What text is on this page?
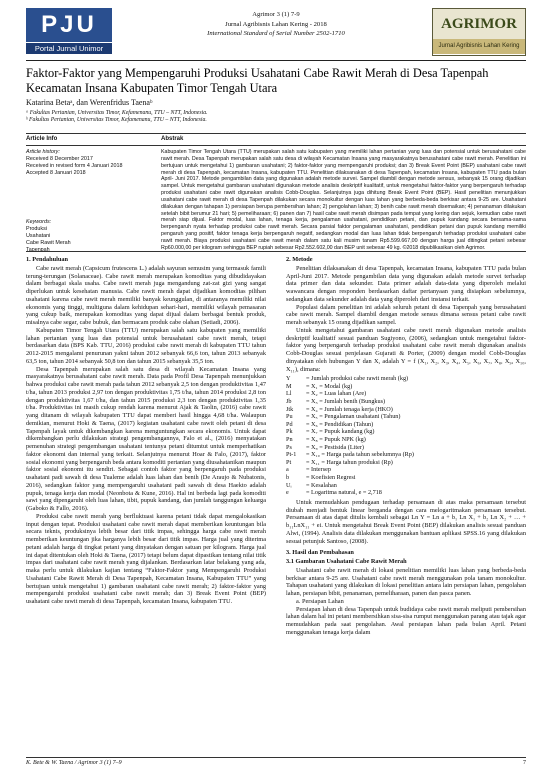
PJU
Portal Jurnal Unimor
Agrimor 3 (1) 7-9
Jurnal Agribisnis Lahan Kering - 2018
International Standard of Serial Number 2502-1710
AGRIMOR
Jurnal Agribisnis Lahan Kering
Faktor-Faktor yang Mempengaruhi Produksi Usahatani Cabe Rawit Merah di Desa Tapenpah Kecamatan Insana Kabupaten Timor Tengah Utara
Katarina Betaᵃ, dan Werenfridus Taenaᵇ
ᵃ Fakultas Pertanian, Universitas Timor, Kefamenanu, TTU – NTT, Indonesia.
ᵇ Fakultas Pertanian, Universitas Timor, Kefamenanu, TTU – NTT, Indonesia.
Article Info	Abstrak
Article history:
Received 8 December 2017
Received in revised form 4 Januari 2018
Accepted 8 Januari 2018
Keywords:
Produksi
Usahatani
Cabe Rawit Merah
Tapenpah
Kabupaten Timor Tengah Utara (TTU) merupakan salah satu kabupaten yang memiliki lahan pertanian yang luas dan potensial untuk berusahatani cabe rawit merah. Desa Tapenpah merupakan salah satu desa di wilayah Kecamatan Insana yang masyarakatnya berusahatani cabe rawit merah. Penelitian ini bertujuan untuk mengetahui 1) gambaran usahatani; 2) faktor-faktor yang mempengaruhi produksi; dan 3) Break Event Point (BEP) usahatani cabe rawit merah di desa Tapenpah, kecamatan Insana, kabupaten TTU. Penelitian dilaksanakan di desa Tapenpah, kecamatan Insana, kabupaten TTU pada bulan April- Juni 2017. Metode pengambilan data yang digunakan adalah metode survei. Sampel diambil dengan metode sensus, sebanyak 15 orang dijadikan sampel. Untuk mengetahui gambaran usahatani digunakan metode analisis deskriptif kualitatif, untuk mengetahui faktor-faktor yang berpengaruh terhadap produksi usahatani cabe rawit digunakan analisis Cobb-Douglas. Selanjutnya juga dihitung Break Event Point (BEP). Hasil penelitian menunjukkan usahatani cabe rawit merah di desa Tapenpah dilakukan secara monokultur dengan luas lahan yang berbeda-beda berkisar antara 9-25 are. Usahatani dilakukan dengan tahapan 1) persiapan berupa pembersihan lahan; 2) pengolahan lahan; 3) benih cabe rawit merah disemaikan; 4) penanaman dilakukan setelah bibit berumur 21 hari; 5) pemeliharaan; 6) panen dan 7) hasil cabe rawit merah disimpan pada tempat yang kering dan sejuk, kemudian cabe rawit merah siap dijual. Faktor modal, luas lahan, tenaga kerja, pengalaman usahatani, pendidikan petani, dan pupuk kandang secara bersama-sama berpengaruh nyata terhadap produksi cabe rawit merah. Secara parsial faktor pengalaman usahatani, pendidikan petani dan pupuk kandang memiliki pengaruh yang positif, faktor tenaga kerja berpengaruh negatif, sedangkan modal dan luas lahan tidak berpengaruh terhadap produksi usahatani cabe rawit merah. Biaya produksi usahatani cabe rawit merah dalam satu kali musim tanam Rp5.599.667,00 dengan harga jual ditingkat petani sebesar Rp60.000,00 per kilogram sehingga BEP rupiah sebesar Rp2.552.602,00 dan BEP unit sebesar 49 kg. ©2018 dipublikasikan oleh Agrimor.
1. Pendahuluan

Cabe rawit merah (Capsicum frutescens L.) adalah sayuran semusim yang termasuk famili terung-terungan (Solanaceae). Cabe rawit merah merupakan komoditas yang dibudidayakan dalam berbagai skala usaha. Cabe rawit merah juga mengandung zat-zat gizi yang sangat diperlukan untuk kesehatan manusia. Cabe rawit merah dapat dijadikan komoditas pilihan usahatani karena cabe rawit merah memiliki banyak keunggulan, di antaranya memiliki nilai ekonomis yang tinggi, multiguna dalam kehidupan sehari-hari, memiliki wilayah pemasaran yang cukup baik, merupakan komoditas yang dapat dijual dalam berbagai bentuk produk, misalnya cabe segar, cabe bubuk, dan bermacam produk cabe olahan (Setiadi, 2006).

Kabupaten Timor Tengah Utara (TTU) merupakan salah satu kabupaten yang memiliki lahan pertanian yang luas dan potensial untuk berusahatani cabe rawit merah, tetapi berdasarkan data (BPS Kab. TTU, 2016) produksi cabe rawit merah di kabupaten TTU tahun 2012-2015 mengalami penurunan yakni tahun 2012 sebanyak 66,6 ton, tahun 2013 sebanyak 63,5 ton, tahun 2014 sebanyak 50,8 ton dan tahun 2015 sebanyak 35,5 ton.

Desa Tapenpah merupakan salah satu desa di wilayah Kecamatan Insana yang masyarakatnya berusahatani cabe rawit merah. Data pada Profil Desa Tapenpah menunjukkan bahwa produksi cabe rawit merah pada tahun 2012 sebanyak 2,5 ton dengan produktivitas 1,47 t/ha, tahun 2013 produksi 2,97 ton dengan produktivitas 1,75 t/ha, tahun 2014 produksi 2,8 ton dengan produktivitas 1,67 t/ha, dan tahun 2015 produksi 2,3 ton dengan produktivitas 1,35 t/ha. Produktivitas ini masih cukup rendah karena menurut Ajak & Taolin, (2016) cabe rawit yang ditanam di wilayah kabupaten TTU dapat memberi hasil hingga 4,68 t/ha. Walaupun demikian, menurut Hoki & Taena, (2017) kegiatan usahatani cabe rawit oleh petani di desa Tapenpah layak untuk dikembangkan karena menguntungkan secara ekonomis. Untuk dapat dikembangkan perlu dilakukan strategi pengembangannya, Falo et al., (2016) menyatakan pemenuhan strategi pengembangan usahatani tentunya petani ditumtut untuk memperhatikan faktor ekonomi dan internal yang terkait. Selanjutnya menurut Hoar & Falo, (2017), faktor sosial ekonomi yang berpengaruh beda antara komoditi pertanian yang diusahatanikan maupun faktor sosial ekonomi itu sendiri. Sebagai contoh faktor yang berpengaruh pada produksi usahatani padi sawah di desa Tualeme adalah luas lahan dan benih (De Araujo & Nubatonis, 2016), sedangkan faktor yang mempengaruhi usahatani padi sawah di desa Haekto adalah pupuk, tenaga kerja dan modal (Neonbota & Kune, 2016). Hal ini berbeda lagi pada komoditi sawi yang dipengaruhi oleh luas lahan, tibit, pupuk kandang, dan jumlah tanggungan keluarga (Gaboko & Fallo, 2016).

Produksi cabe rawit merah yang berfluktuasi karena petani tidak dapat mengalokasikan input dengan tepat. Produksi usahatani cabe rawit merah dapat memberikan keuntungan bila secara teknis, produksinya lebih besar dari titik impas, sehingga harga cabe rawit merah memberikan keuntungan jika harganya lebih besar dari titik impas. Harga jual yang diterima petani adalah harga di tingkat petani yang dinyatakan dengan satuan per kilogram. Harga jual ini dapat ditentukan oleh Hoki & Taena, (2017) tetapi belum dapat dipastikan tentang nilai titik impas dari usahatani cabe rawit merah yang dijalankan. Berdasarkan latar belakang yang ada, maka perlu untuk dilakukan kajian tentang “Faktor-Faktor yang Mempengaruhi Produksi Usahatani Cabe Rawit Merah di Desa Tapenpah, Kecamatan Insana, Kabupaten TTU” yang bertujuan untuk mengetahui 1) gambaran usahatani cabe rawit merah; 2) faktor-faktor yang mempengaruhi produksi usahatani cabe rawit merah; dan 3) Break Event Point (BEP) usahatani cabe rawit merah di desa Tapenpah, kecamatan Insana, kabupaten TTU.

2. Metode

Penelitian dilaksanakan di desa Tapenpah, kecamatan Insana, kabupaten TTU pada bulan April-Juni 2017. Metode pengambilan data yang digunakan adalah metode survei terhadap data primer dan data sekunder. Data primer adalah data-data yang diperoleh melalui wawancara dengan responden berdasarkan daftar pertanyaan yang disiapkan sebelumnya, sedangkan data sekunder adalah data yang diperoleh dari instansi terkait.

Populasi dalam penelitian ini adalah seluruh petani di desa Tapenpah yang berusahatani cabe rawit merah. Sampel diambil dengan metode sensus dimana sensus petani cabe rawit merah sebanyak 15 orang dijadikan sampel.

Untuk mengetahui gambaran usahatani cabe rawit merah digunakan metode analisis deskriptif kualitatif sesuai panduan Sugiyono, (2006), sedangkan untuk mengetahui faktor-faktor yang berpengaruh terhadap produksi usahatani cabe rawit merah digunakan analisis Cobb-Douglas sesuai penjelasan Gujarati & Porter, (2009) dengan model Cobb-Douglas dinyatakan oleh hubungan Y dan X, adalah Y = f (X₁, X₂, X₃, X₄, X₅, X₆, X₇, X₈, X₉, X₁₀, X₁₁), dimana:

Y	= Jumlah produksi cabe rawit merah (kg)
M = X₁ = Modal (kg)
Ll = X₂ = Luas lahan (Are)
Jb = X₃ = Jumlah benih (Bungkus)
Jtk = X₄ = Jumlah tenaga kerja (HKO)
Pu = X₅ = Pengalaman usahatani (Tahun)
Pd = X₆ = Pendidikan (Tahun)
Pk = X₇ = Pupuk kandang (kg)
Pn = X₈ = Pupuk NPK (kg)
Ps = X₉ = Pestisida (Liter)
Pt-1 = X₁₀ = Harga pada tahun sebelumnya (Rp)
Pt = X₁₁ = Harga tahun produksi (Rp)
a	= Intersep
b	= Koefisien Regresi
Uᵢ = Kesalahan
e	= Logaritma natural, e = 2,718

Untuk memudahkan pendugaan terhadap persamaan di atas maka persamaan tersebut diubah menjadi bentuk linear berganda dengan cara melogaritmakan persamaan tersebut. Persamaan di atas dapat ditulis kembali sebagai Ln Y = Ln a + b₁ Ln X₁ + b₂ Ln X₂ + … + b₁₁LnX₁₁ + ei. Untuk mengetahui Break Event Point (BEP) dilakukan analisis sesuai panduan Alwi, (1994). Analisis data dilakukan menggunakan bantuan aplikasi SPSS.16 yang dilakukan sesuai petunjuk Santoso, (2008).

3. Hasil dan Pembahasan
3.1 Gambaran Usahatani Cabe Rawit Merah

Usahatani cabe rawit merah di lokasi penelitian memiliki luas lahan yang berbeda-beda berkisar antara 9-25 are. Usahatani cabe rawit merah menggunakan pola tanam monokultur. Tahapan usahatani yang dilakukan di lokasi penelitian antara lain persiapan lahan, pengolahan lahan, persiapan bibit, penanaman, pemeliharaan, panen dan pasca panen.

a. Persiapan Lahan

Persiapan lahan di desa Tapenpah untuk budidaya cabe rawit merah meliputi pembersihan lahan dalam hal ini petani membersihkan sisa-sisa rumput menggunakan parang atau tajak agar memudahkan pada saat pengolahan. Awal persiapan lahan pada bulan April. Petani menggunakan tenaga kerja dalam

K. Bete & W. Taena / Agrimor 3 (1) 7–9	7
